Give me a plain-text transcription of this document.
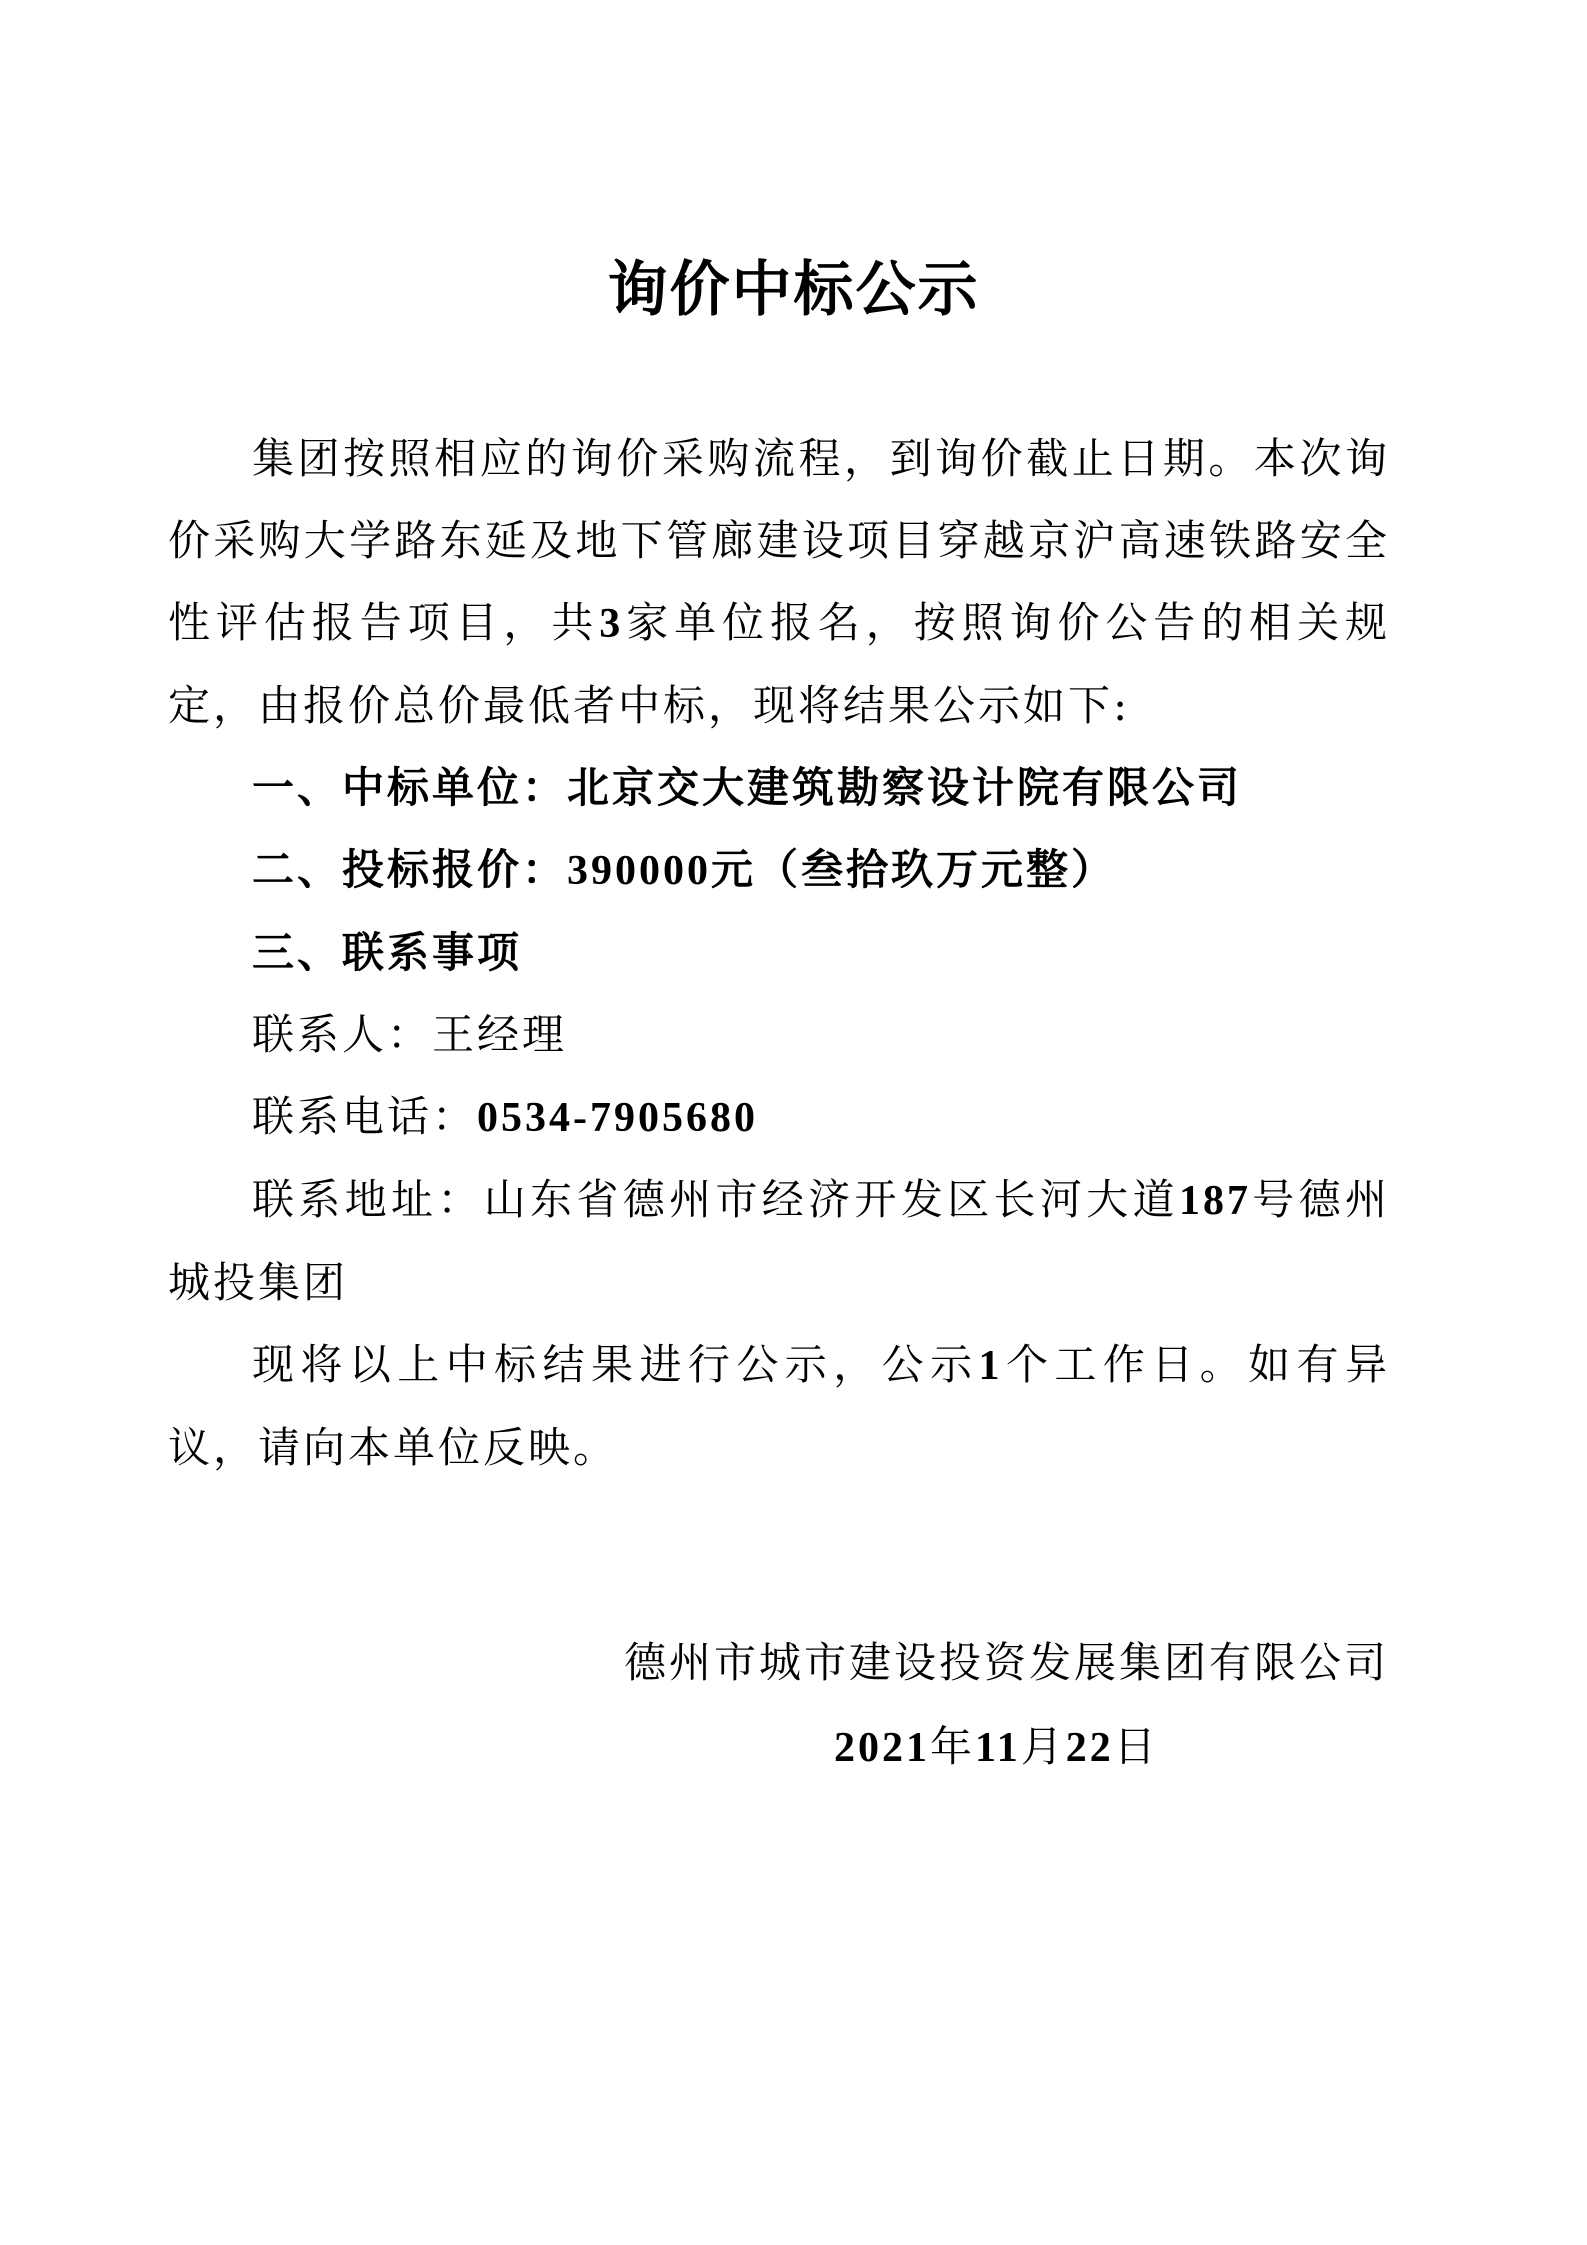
询价中标公示

集团按照相应的询价采购流程，到询价截止日期。本次询价采购大学路东延及地下管廊建设项目穿越京沪高速铁路安全性评估报告项目，共3家单位报名，按照询价公告的相关规定，由报价总价最低者中标，现将结果公示如下:

一、中标单位：北京交大建筑勘察设计院有限公司

二、投标报价：390000元（叁拾玖万元整）

三、联系事项

联系人：王经理

联系电话：0534-7905680

联系地址：山东省德州市经济开发区长河大道187号德州城投集团

现将以上中标结果进行公示，公示1个工作日。如有异议，请向本单位反映。

德州市城市建设投资发展集团有限公司
2021年11月22日
